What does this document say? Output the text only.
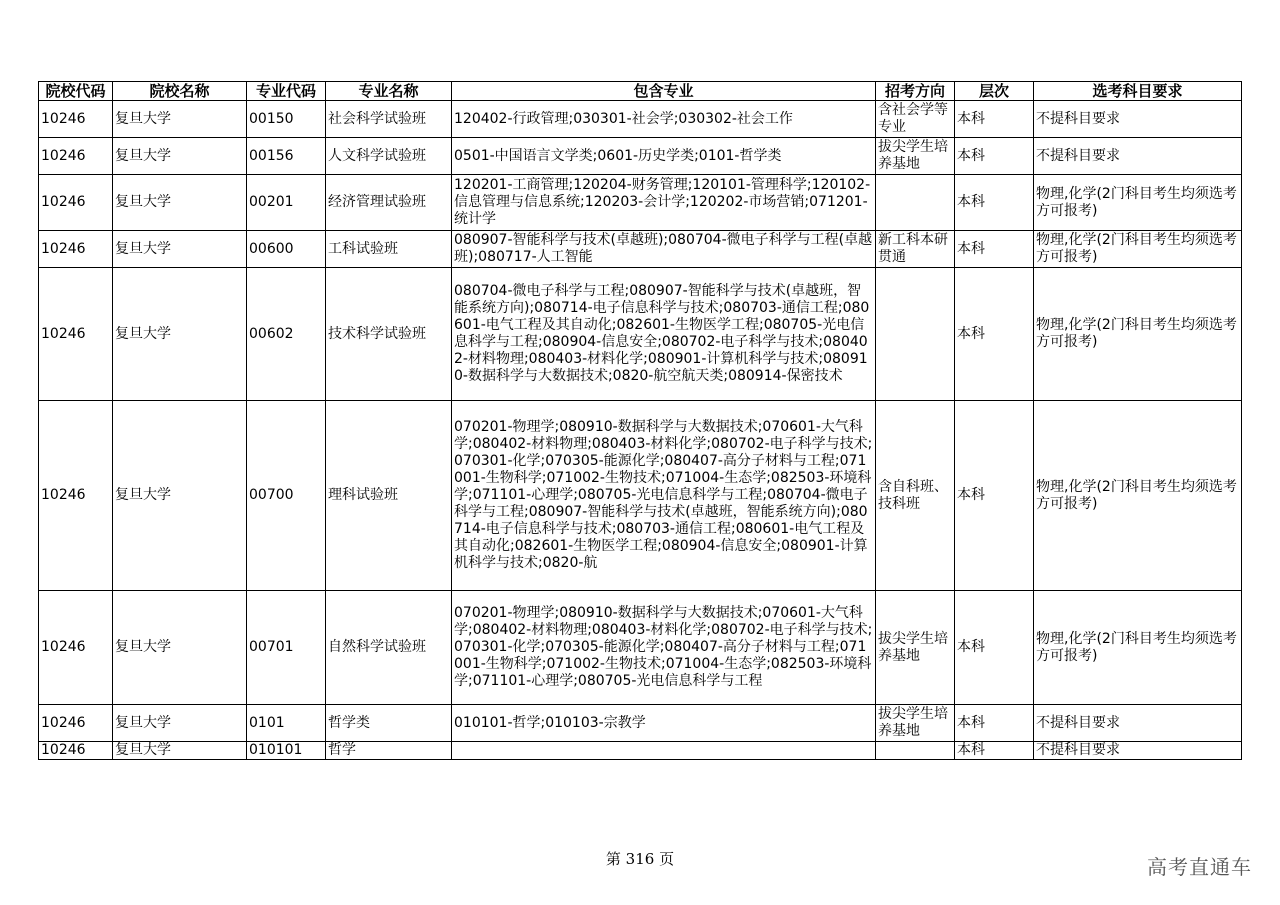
院校代码	院校名称	专业代码	专业名称	包含专业	招考方向	层次	选考科目要求
10246	复旦大学	00150	社会科学试验班	120402-行政管理;030301-社会学;030302-社会工作	含社会学等专业	本科	不提科目要求
10246	复旦大学	00156	人文科学试验班	0501-中国语言文学类;0601-历史学类;0101-哲学类	拔尖学生培养基地	本科	不提科目要求
10246	复旦大学	00201	经济管理试验班	120201-工商管理;120204-财务管理;120101-管理科学;120102-信息管理与信息系统;120203-会计学;120202-市场营销;071201-统计学		本科	物理,化学(2门科目考生均须选考方可报考)

10246	复旦大学	00600	工科试验班	080907-智能科学与技术(卓越班);080704-微电子科学与工程(卓越班);080717-人工智能	新工科本研贯通	本科	物理,化学(2门科目考生均须选考方可报考)

10246	复旦大学	00602	技术科学试验班	080704-微电子科学与工程;080907-智能科学与技术(卓越班，智能系统方向);080714-电子信息科学与技术;080703-通信工程;080601-电气工程及其自动化;082601-生物医学工程;080705-光电信息科学与工程;080904-信息安全;080702-电子科学与技术;080402-材料物理;080403-材料化学;080901-计算机科学与技术;080910-数据科学与大数据技术;0820-航空航天类;080914-保密技术		本科	物理,化学(2门科目考生均须选考方可报考)

10246	复旦大学	00700	理科试验班	070201-物理学;080910-数据科学与大数据技术;070601-大气科学;080402-材料物理;080403-材料化学;080702-电子科学与技术;070301-化学;070305-能源化学;080407-高分子材料与工程;071001-生物科学;071002-生物技术;071004-生态学;082503-环境科学;071101-心理学;080705-光电信息科学与工程;080704-微电子科学与工程;080907-智能科学与技术(卓越班，智能系统方向);080714-电子信息科学与技术;080703-通信工程;080601-电气工程及其自动化;082601-生物医学工程;080904-信息安全;080901-计算机科学与技术;0820-航	含自科班、技科班	本科	物理,化学(2门科目考生均须选考方可报考)

10246	复旦大学	00701	自然科学试验班	070201-物理学;080910-数据科学与大数据技术;070601-大气科学;080402-材料物理;080403-材料化学;080702-电子科学与技术;070301-化学;070305-能源化学;080407-高分子材料与工程;071001-生物科学;071002-生物技术;071004-生态学;082503-环境科学;071101-心理学;080705-光电信息科学与工程	拔尖学生培养基地	本科	物理,化学(2门科目考生均须选考方可报考)

10246	复旦大学	0101	哲学类	010101-哲学;010103-宗教学	拔尖学生培养基地	本科	不提科目要求
10246	复旦大学	010101	哲学			本科	不提科目要求
第 316 页	高考直通车
